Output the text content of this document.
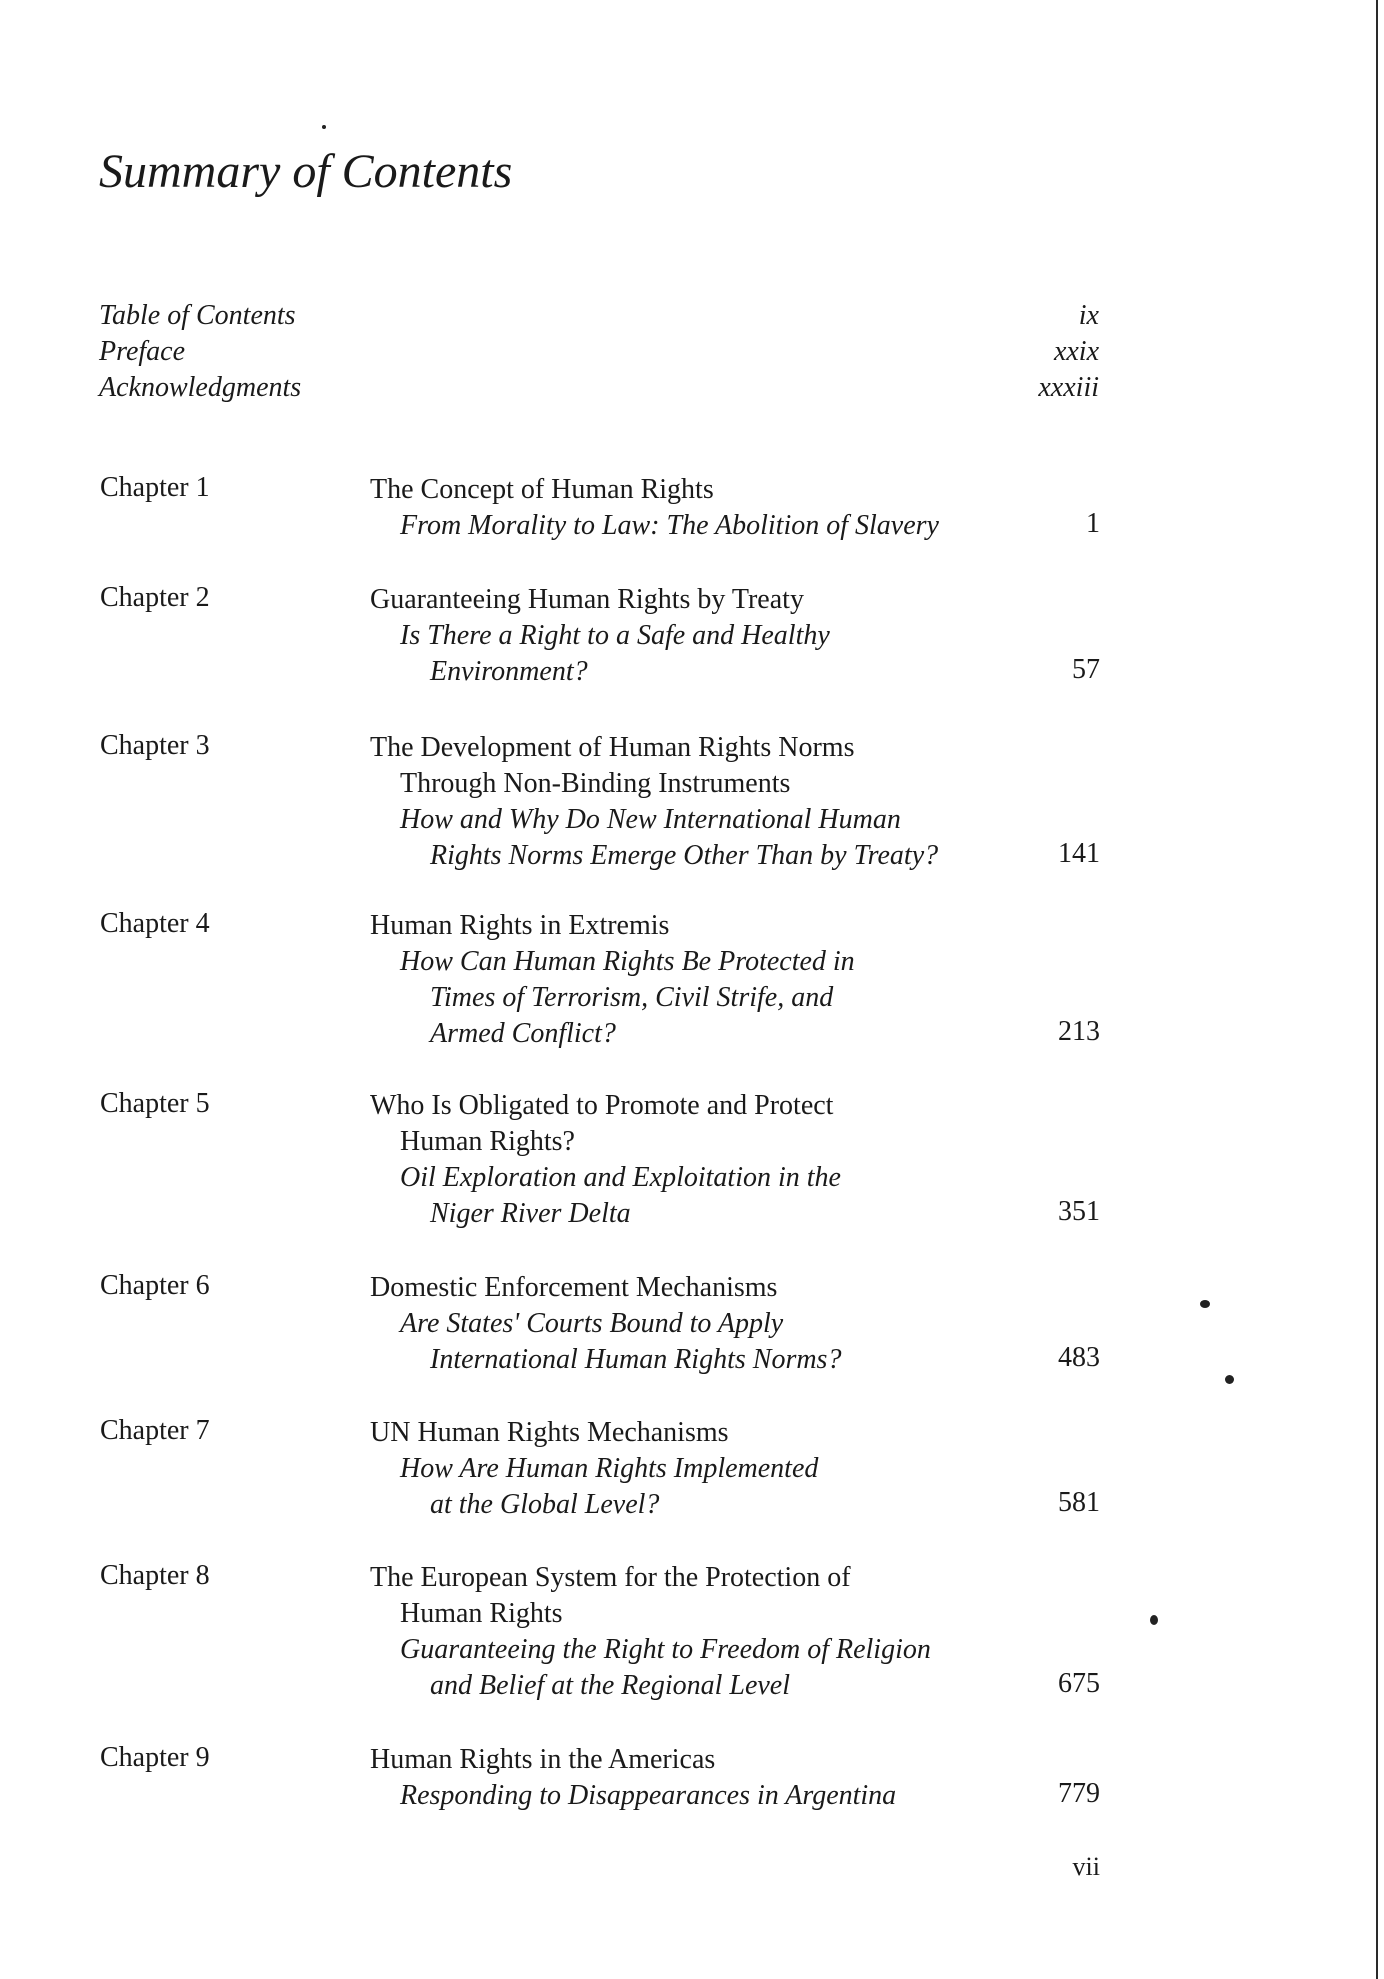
Summary of Contents
Table of Contents	ix
Preface	xxix
Acknowledgments	xxxiii
Chapter 1	The Concept of Human Rights

From Morality to Law: The Abolition of Slavery	1
Chapter 2	Guaranteeing Human Rights by Treaty

Is There a Right to a Safe and Healthy
Environment?	57
Chapter 3	The Development of Human Rights Norms
Through Non-Binding Instruments

How and Why Do New International Human
Rights Norms Emerge Other Than by Treaty?	141
Chapter 4	Human Rights in Extremis

How Can Human Rights Be Protected in
Times of Terrorism, Civil Strife, and
Armed Conflict?	213
Chapter 5	Who Is Obligated to Promote and Protect
Human Rights?

Oil Exploration and Exploitation in the
Niger River Delta	351
Chapter 6	Domestic Enforcement Mechanisms

Are States' Courts Bound to Apply
International Human Rights Norms?	483
Chapter 7	UN Human Rights Mechanisms

How Are Human Rights Implemented
at the Global Level?	581
Chapter 8	The European System for the Protection of
Human Rights

Guaranteeing the Right to Freedom of Religion
and Belief at the Regional Level	675
Chapter 9	Human Rights in the Americas

Responding to Disappearances in Argentina	779
vii
